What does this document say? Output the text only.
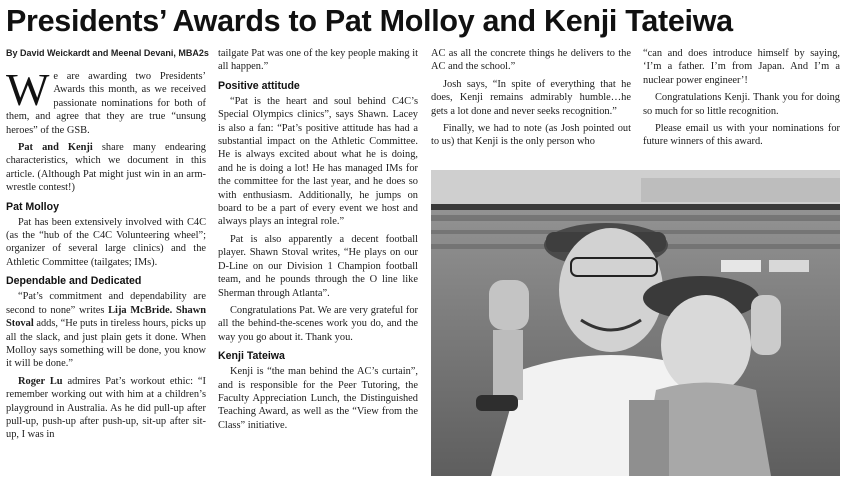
Presidents’ Awards to Pat Molloy and Kenji Tateiwa
By David Weickardt and Meenal Devani, MBA2s

We are awarding two Presidents’ Awards this month, as we received passionate nominations for both of them, and agree that they are true “unsung heroes” of the GSB.

Pat and Kenji share many endearing characteristics, which we document in this article. (Although Pat might just win in an arm-wrestle contest!)

Pat Molloy

Pat has been extensively involved with C4C (as the “hub of the C4C Volunteering wheel”; organizer of several large clinics) and the Athletic Committee (tailgates; IMs).

Dependable and Dedicated

“Pat’s commitment and dependability are second to none” writes Lija McBride. Shawn Stoval adds, “He puts in tireless hours, picks up all the slack, and just plain gets it done. When Molloy says something will be done, you know it will be done.”

Roger Lu admires Pat’s workout ethic: “I remember working out with him at a children’s playground in Australia. As he did pull-up after pull-up, push-up after push-up, sit-up after sit-up, I was in

tailgate Pat was one of the key people making it all happen.”

Positive attitude

“Pat is the heart and soul behind C4C’s Special Olympics clinics”, says Shawn. Lacey is also a fan: “Pat’s positive attitude has had a substantial impact on the Athletic Committee. He is always excited about what he is doing, and he is doing a lot! He has managed IMs for the committee for the last year, and he does so with enthusiasm. Additionally, he jumps on board to be a part of every event we host and always plays an integral role.”

Pat is also apparently a decent football player. Shawn Stoval writes, “He plays on our D-Line on our Division 1 Champion football team, and he pounds through the O line like Sherman through Atlanta”.

Congratulations Pat. We are very grateful for all the behind-the-scenes work you do, and the way you go about it. Thank you.

Kenji Tateiwa

Kenji is “the man behind the AC’s curtain”, and is responsible for the Peer Tutoring, the Faculty Appreciation Lunch, the Distinguished Teaching Award, as well as the “View from the Class” initiative.

AC as all the concrete things he delivers to the AC and the school.”

Josh says, “In spite of everything that he does, Kenji remains admirably humble…he gets a lot done and never seeks recognition.”

Finally, we had to note (as Josh pointed out to us) that Kenji is the only person who

“can and does introduce himself by saying, ‘I’m a father. I’m from Japan. And I’m a nuclear power engineer’!

Congratulations Kenji. Thank you for doing so much for so little recognition.

Please email us with your nominations for future winners of this award.
